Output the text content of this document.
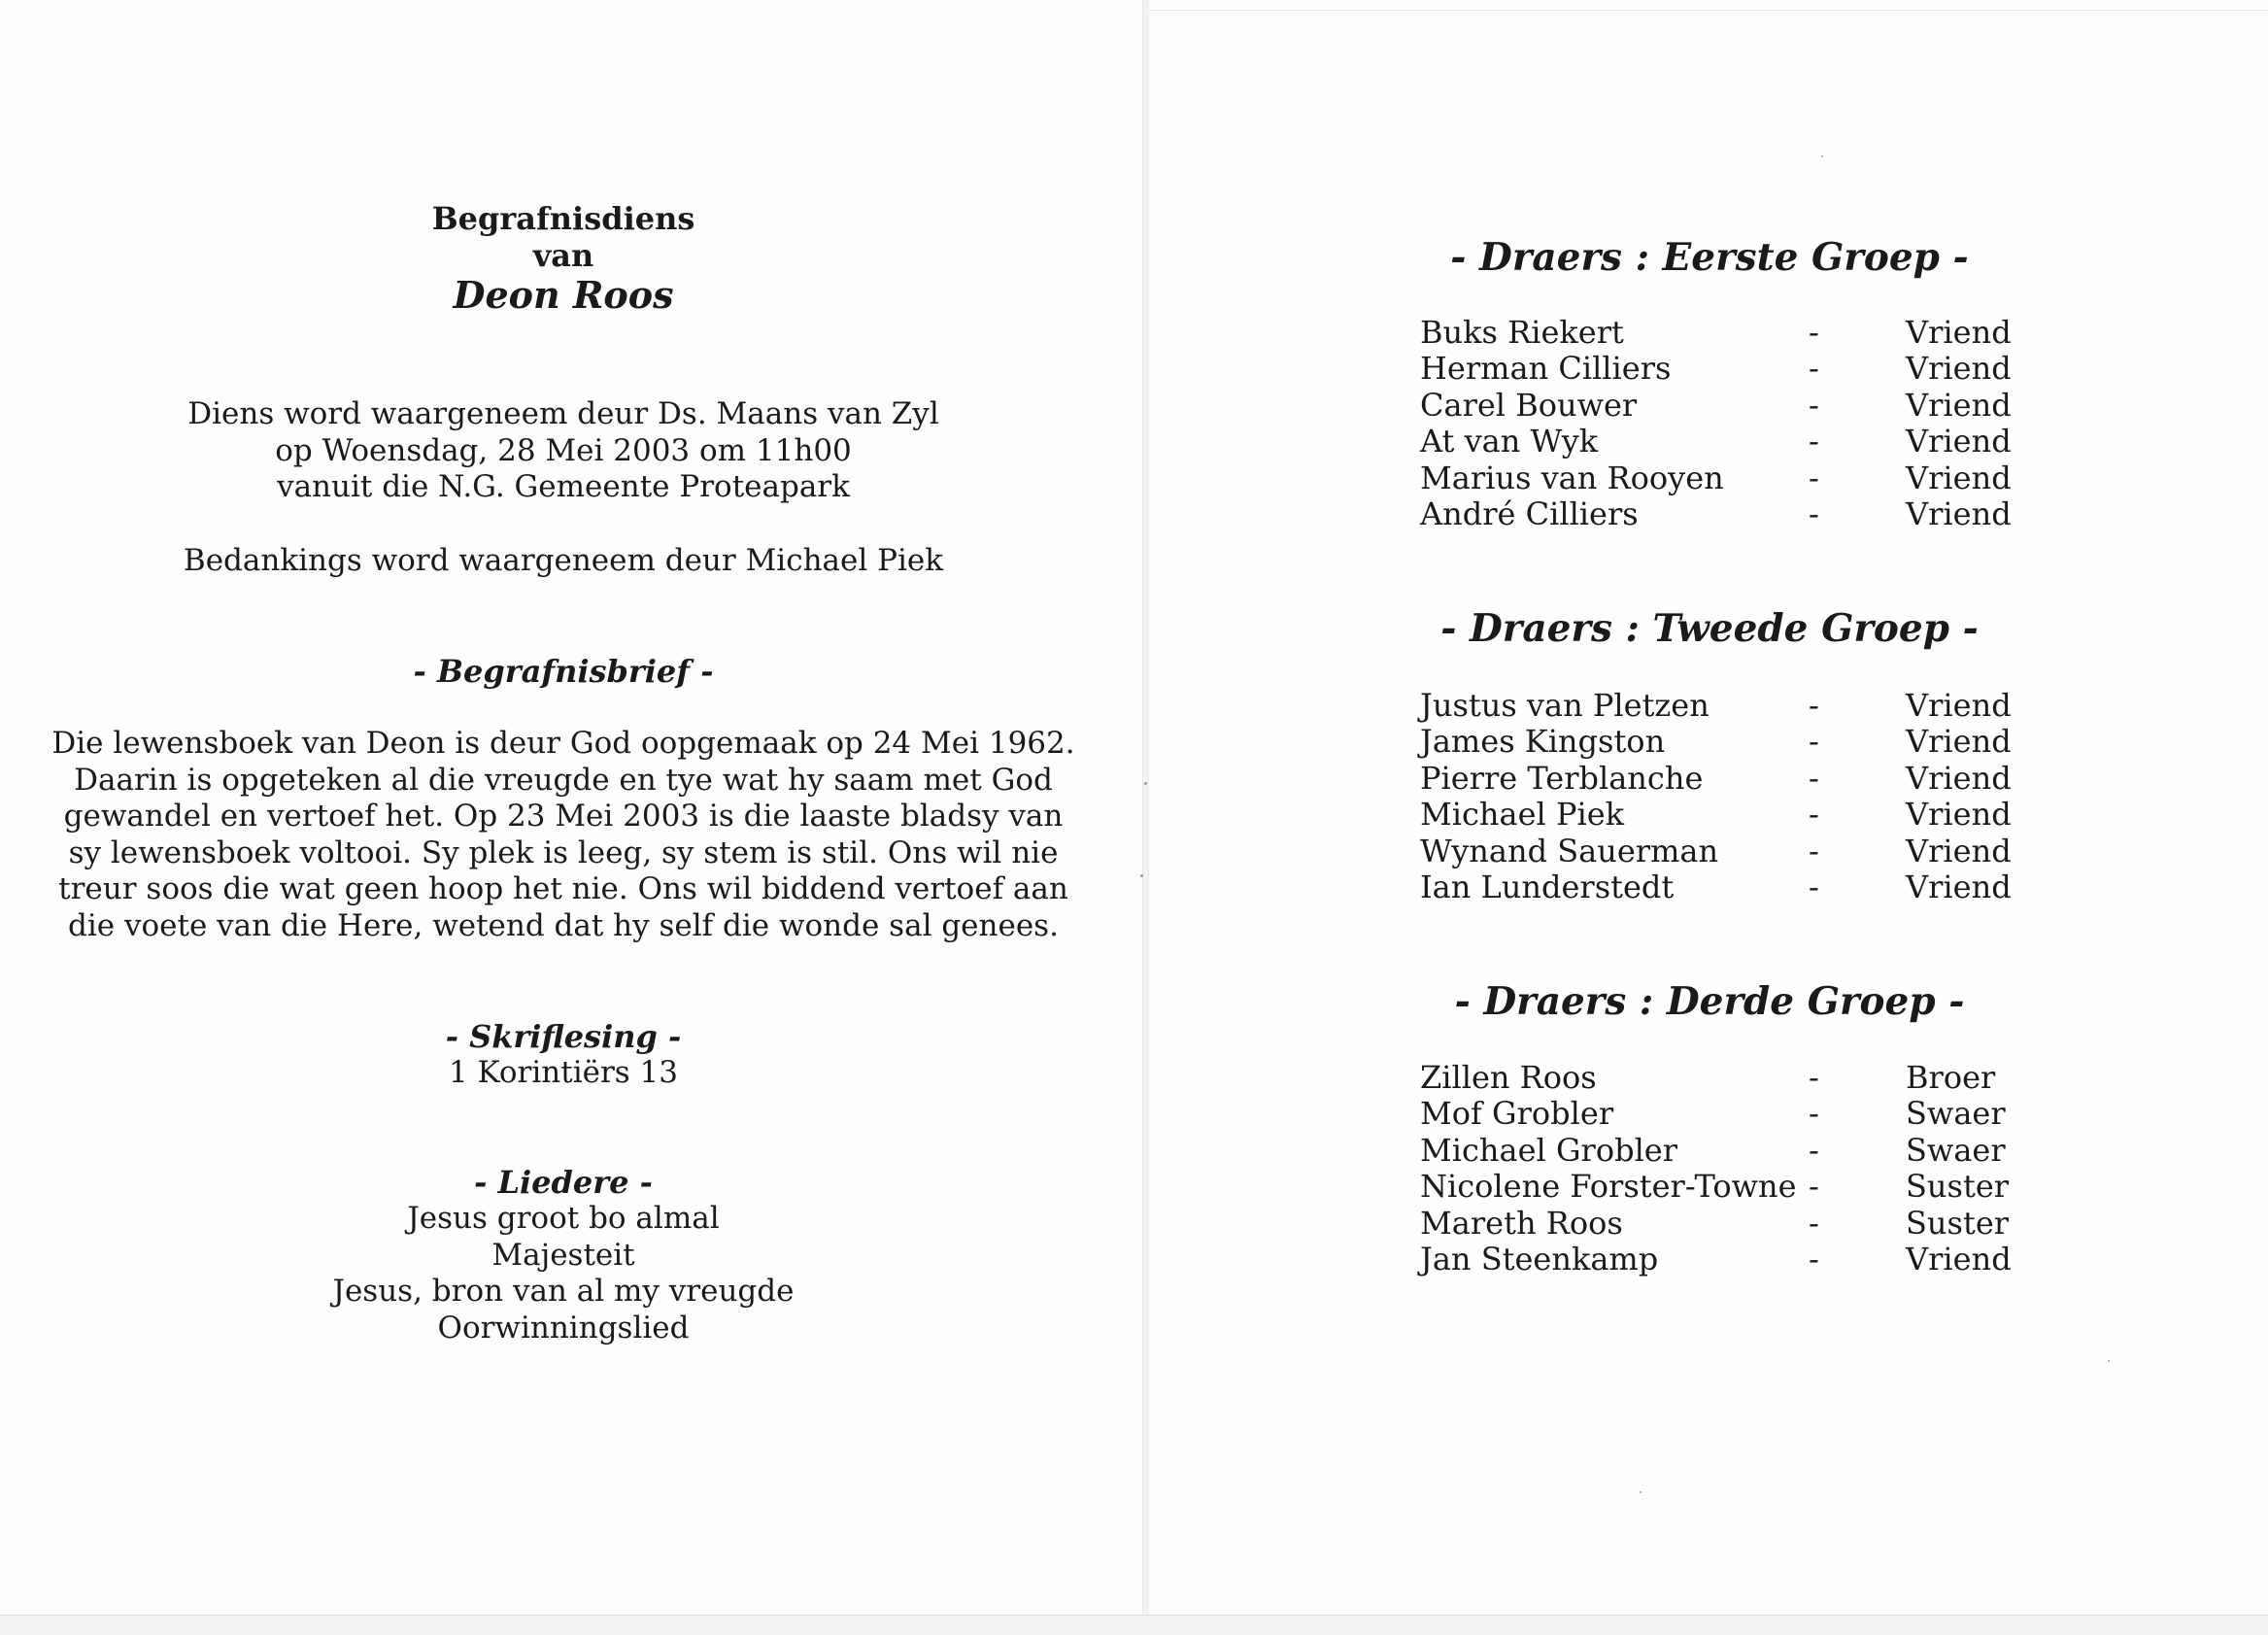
Begrafnisdiens
van
Deon Roos
Diens word waargeneem deur Ds. Maans van Zyl
op Woensdag, 28 Mei 2003 om 11h00
vanuit die N.G. Gemeente Proteapark
Bedankings word waargeneem deur Michael Piek
- Begrafnisbrief -
Die lewensboek van Deon is deur God oopgemaak op 24 Mei 1962.
Daarin is opgeteken al die vreugde en tye wat hy saam met God
gewandel en vertoef het. Op 23 Mei 2003 is die laaste bladsy van
sy lewensboek voltooi. Sy plek is leeg, sy stem is stil. Ons wil nie
treur soos die wat geen hoop het nie. Ons wil biddend vertoef aan
die voete van die Here, wetend dat hy self die wonde sal genees.
- Skriflesing -
1 Korintiërs 13
- Liedere -
Jesus groot bo almal
Majesteit
Jesus, bron van al my vreugde
Oorwinningslied
- Draers : Eerste Groep -
Buks Riekert	-	Vriend
Herman Cilliers	-	Vriend
Carel Bouwer	-	Vriend
At van Wyk	-	Vriend
Marius van Rooyen	-	Vriend
André Cilliers	-	Vriend
- Draers : Tweede Groep -
Justus van Pletzen	-	Vriend
James Kingston	-	Vriend
Pierre Terblanche	-	Vriend
Michael Piek	-	Vriend
Wynand Sauerman	-	Vriend
Ian Lunderstedt	-	Vriend
- Draers : Derde Groep -
Zillen Roos	-	Broer
Mof Grobler	-	Swaer
Michael Grobler	-	Swaer
Nicolene Forster-Towne -	Suster
Mareth Roos	-	Suster
Jan Steenkamp	-	Vriend
